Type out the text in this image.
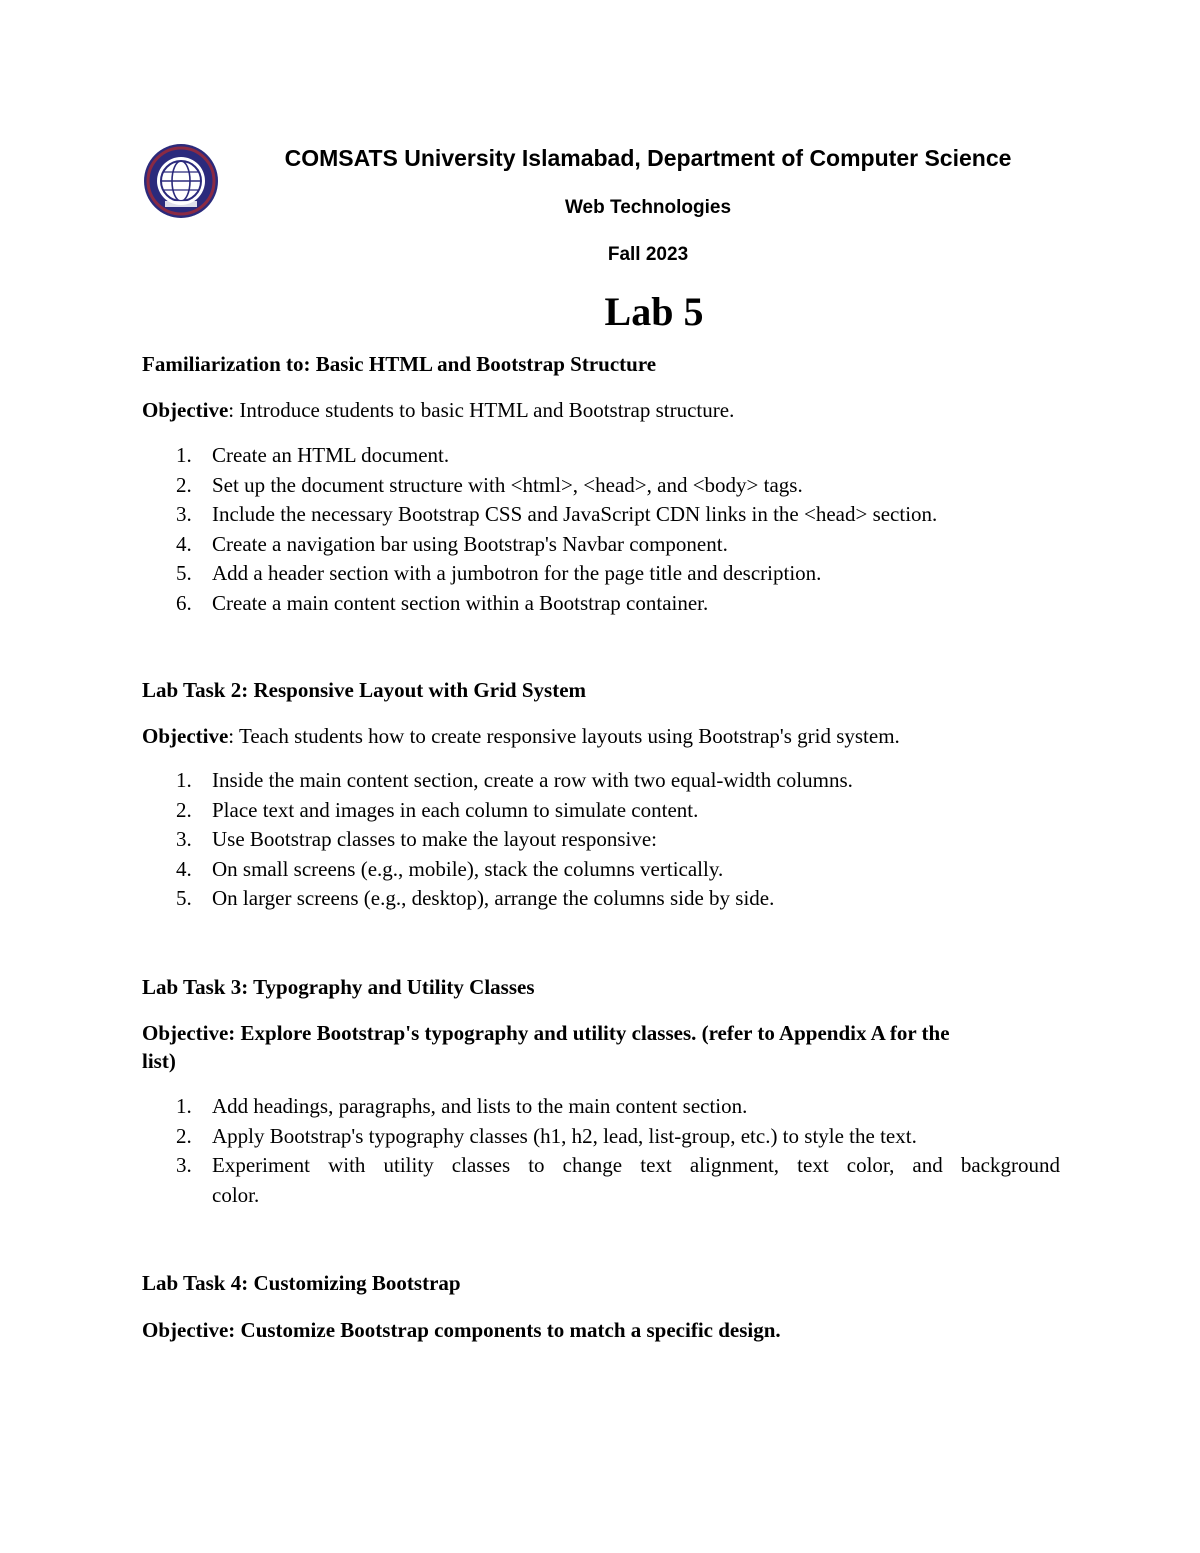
COMSATS University Islamabad, Department of Computer Science
Web Technologies
Fall 2023
Lab 5
Familiarization to: Basic HTML and Bootstrap Structure
Objective: Introduce students to basic HTML and Bootstrap structure.
1. Create an HTML document.
2. Set up the document structure with <html>, <head>, and <body> tags.
3. Include the necessary Bootstrap CSS and JavaScript CDN links in the <head> section.
4. Create a navigation bar using Bootstrap's Navbar component.
5. Add a header section with a jumbotron for the page title and description.
6. Create a main content section within a Bootstrap container.
Lab Task 2: Responsive Layout with Grid System
Objective: Teach students how to create responsive layouts using Bootstrap's grid system.
1. Inside the main content section, create a row with two equal-width columns.
2. Place text and images in each column to simulate content.
3. Use Bootstrap classes to make the layout responsive:
4. On small screens (e.g., mobile), stack the columns vertically.
5. On larger screens (e.g., desktop), arrange the columns side by side.
Lab Task 3: Typography and Utility Classes
Objective: Explore Bootstrap's typography and utility classes. (refer to Appendix A for the
list)
1. Add headings, paragraphs, and lists to the main content section.
2. Apply Bootstrap's typography classes (h1, h2, lead, list-group, etc.) to style the text.
3. Experiment with utility classes to change text alignment, text color, and background
color.
Lab Task 4: Customizing Bootstrap
Objective: Customize Bootstrap components to match a specific design.
